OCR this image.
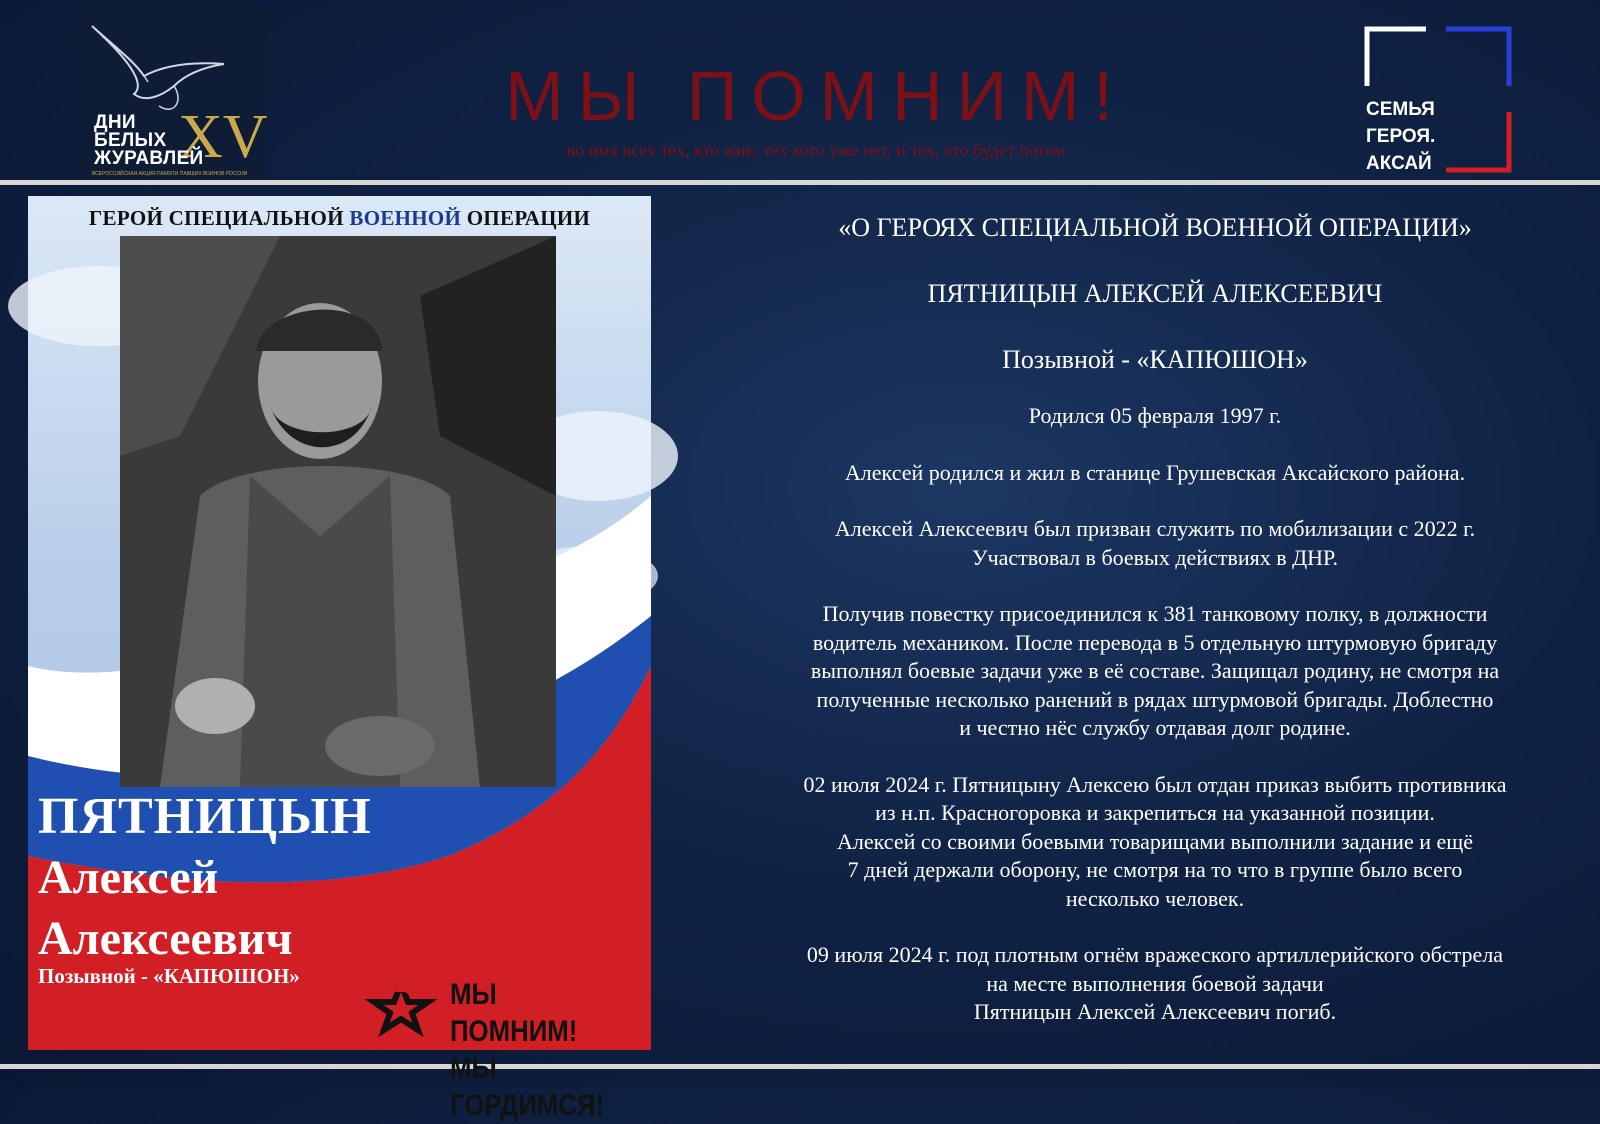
XV
ДНИ
БЕЛЫХ
ЖУРАВЛЕЙ
ВСЕРОССИЙСКАЯ АКЦИЯ ПАМЯТИ ПАВШИХ ВОИНОВ РОССИИ
МЫ ПОМНИМ!
во имя всех тех, кто жив, тех кого уже нет, и тех, кто будет потом
СЕМЬЯ
ГЕРОЯ.
АКСАЙ
ГЕРОЙ СПЕЦИАЛЬНОЙ ВОЕННОЙ ОПЕРАЦИИ
ПЯТНИЦЫН
Алексей
Алексеевич
Позывной - «КАПЮШОН»
МЫ ПОМНИМ!
МЫ ГОРДИМСЯ!
«О ГЕРОЯХ СПЕЦИАЛЬНОЙ ВОЕННОЙ ОПЕРАЦИИ»
ПЯТНИЦЫН АЛЕКСЕЙ АЛЕКСЕЕВИЧ
Позывной - «КАПЮШОН»

Родился 05 февраля 1997 г.

Алексей родился и жил в станице Грушевская Аксайского района.

Алексей Алексеевич был призван служить по мобилизации с 2022 г.
Участвовал в боевых действиях в ДНР.

Получив повестку присоединился к 381 танковому полку, в должности
водитель механиком. После перевода в 5 отдельную штурмовую бригаду
выполнял боевые задачи уже в её составе. Защищал родину, не смотря на
полученные несколько ранений в рядах штурмовой бригады. Доблестно
и честно нёс службу отдавая долг родине.

02 июля 2024 г. Пятницыну Алексею был отдан приказ выбить противника
из н.п. Красногоровка и закрепиться на указанной позиции.
Алексей со своими боевыми товарищами выполнили задание и ещё
7 дней держали оборону, не смотря на то что в группе было всего
несколько человек.

09 июля 2024 г. под плотным огнём вражеского артиллерийского обстрела
на месте выполнения боевой задачи
Пятницын Алексей Алексеевич погиб.
